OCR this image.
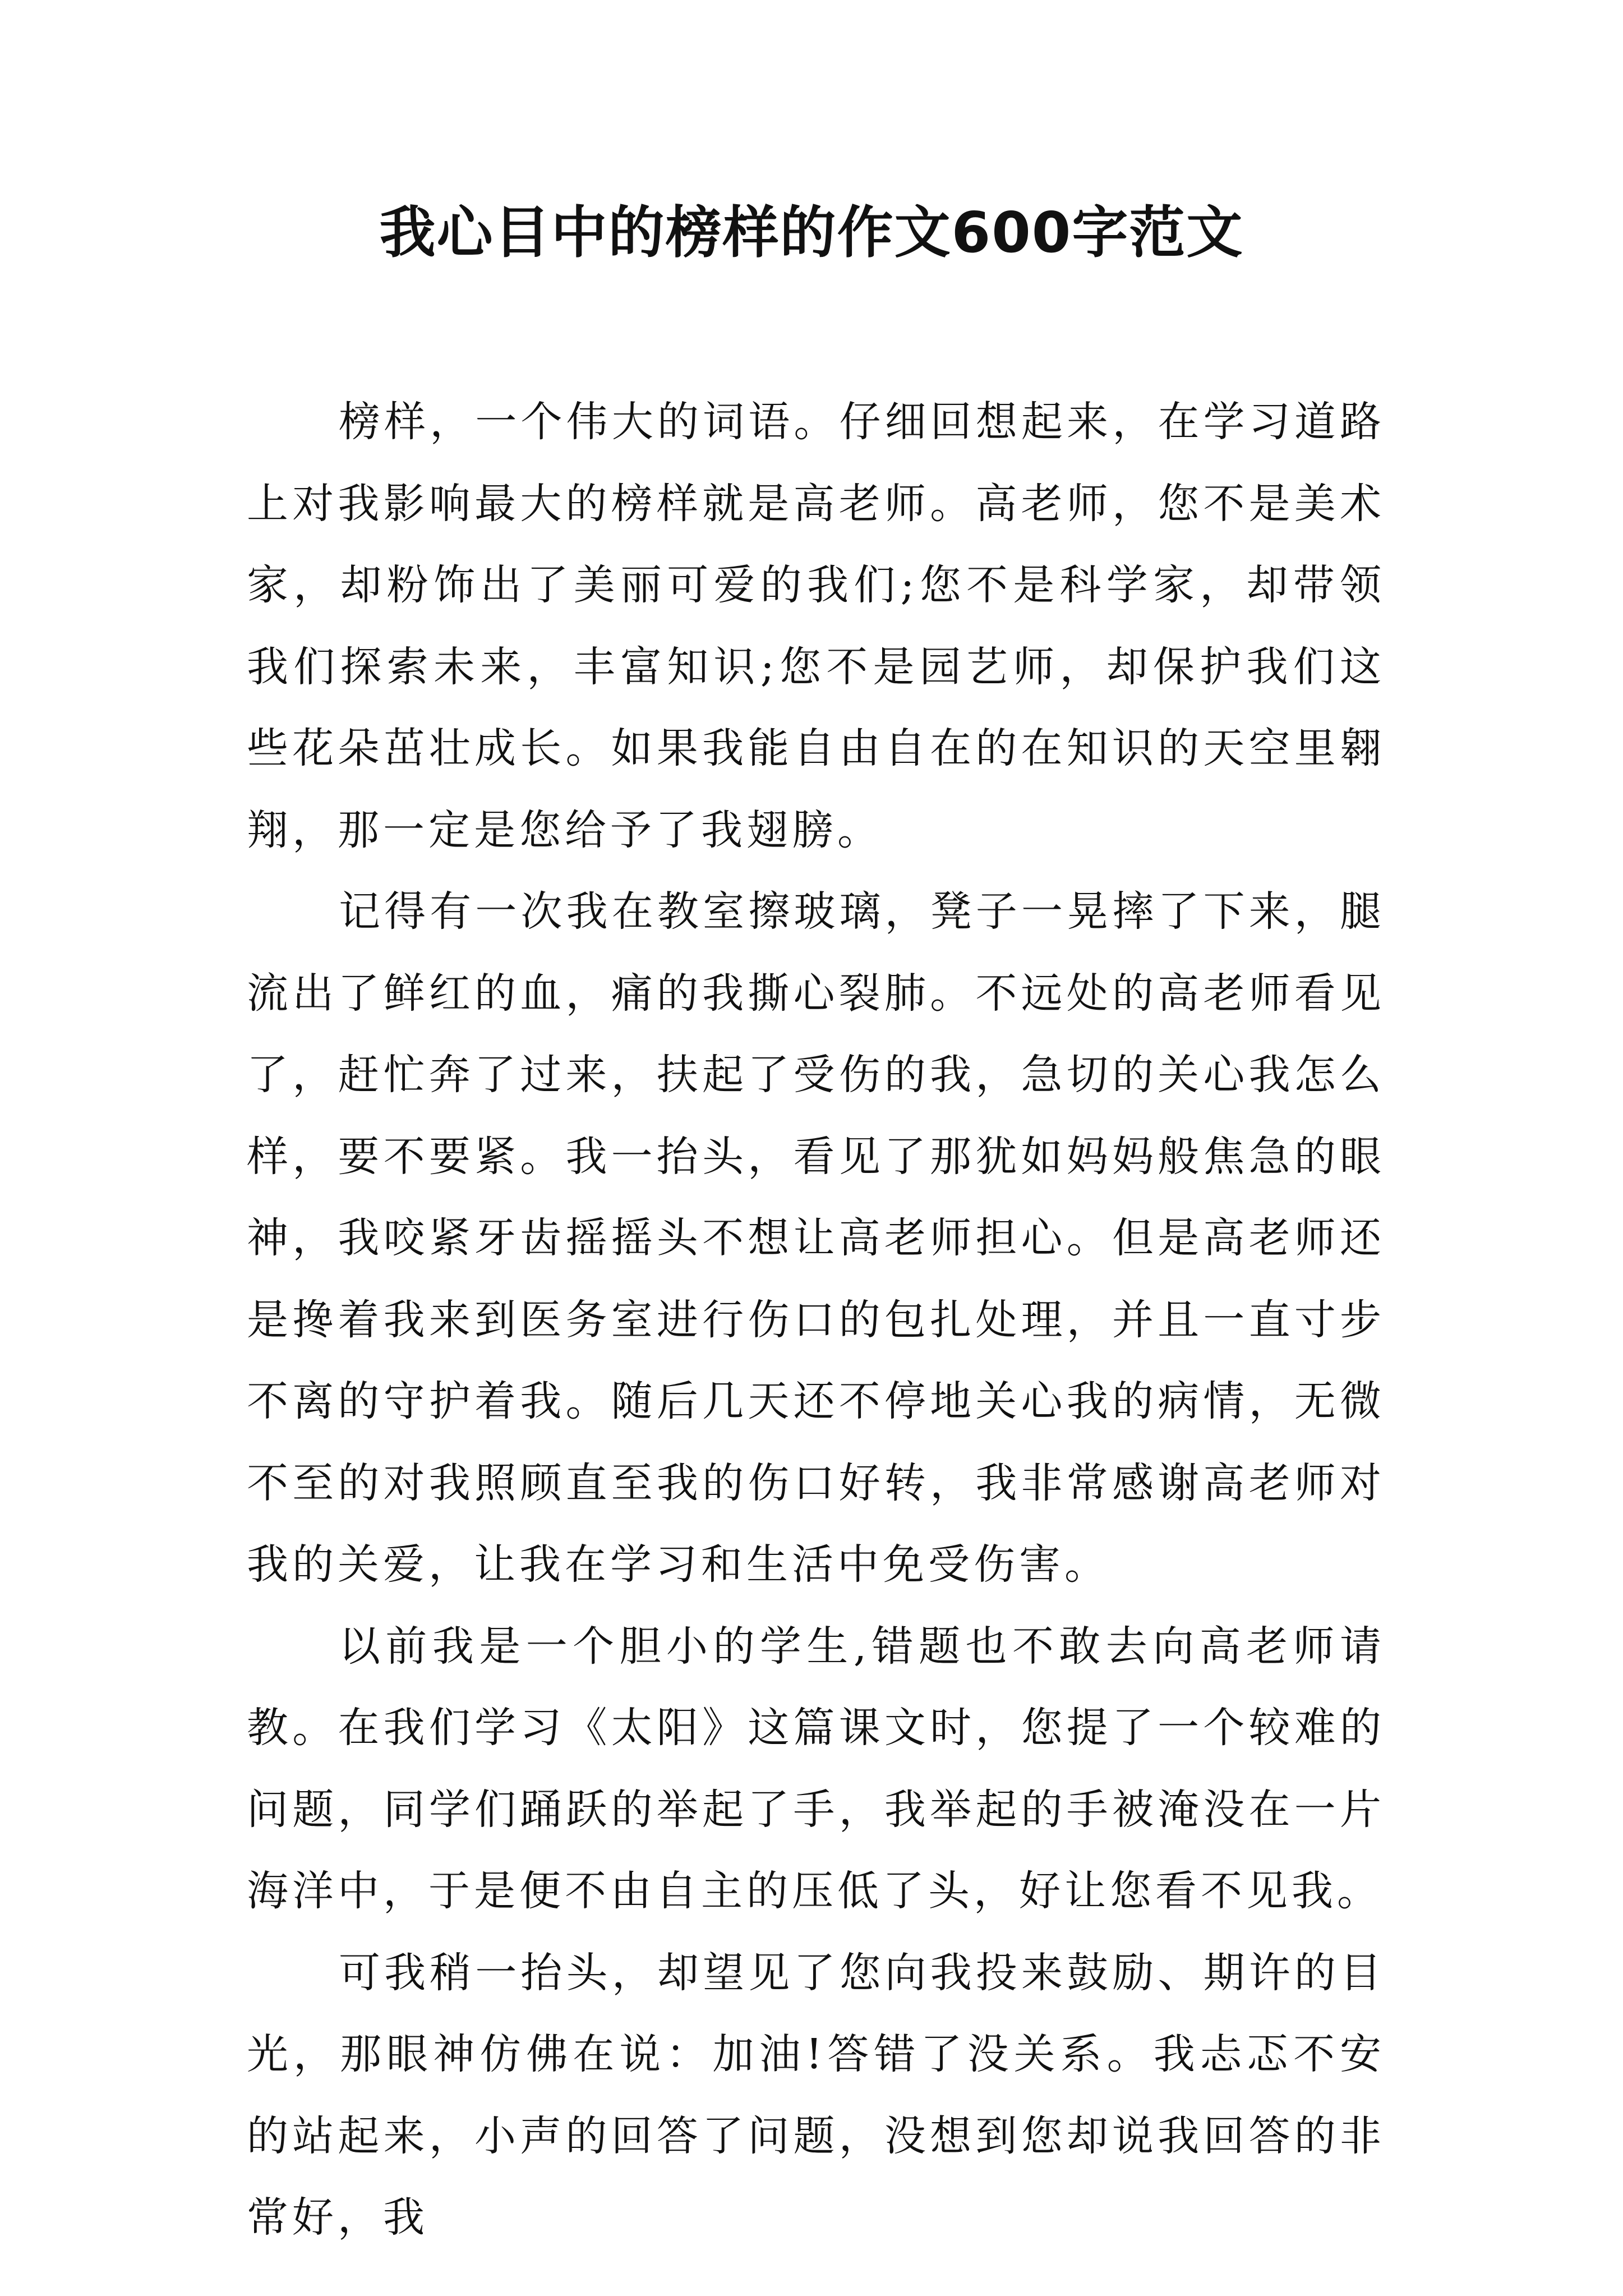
我心目中的榜样的作文600字范文

榜样，一个伟大的词语。仔细回想起来，在学习道路上对我影响最大的榜样就是高老师。高老师，您不是美术家，却粉饰出了美丽可爱的我们;您不是科学家，却带领我们探索未来，丰富知识;您不是园艺师，却保护我们这些花朵茁壮成长。如果我能自由自在的在知识的天空里翱翔，那一定是您给予了我翅膀。

记得有一次我在教室擦玻璃，凳子一晃摔了下来，腿流出了鲜红的血，痛的我撕心裂肺。不远处的高老师看见了，赶忙奔了过来，扶起了受伤的我，急切的关心我怎么样，要不要紧。我一抬头，看见了那犹如妈妈般焦急的眼神，我咬紧牙齿摇摇头不想让高老师担心。但是高老师还是搀着我来到医务室进行伤口的包扎处理，并且一直寸步不离的守护着我。随后几天还不停地关心我的病情，无微不至的对我照顾直至我的伤口好转，我非常感谢高老师对我的关爱，让我在学习和生活中免受伤害。

以前我是一个胆小的学生,错题也不敢去向高老师请教。在我们学习《太阳》这篇课文时，您提了一个较难的问题，同学们踊跃的举起了手，我举起的手被淹没在一片海洋中，于是便不由自主的压低了头，好让您看不见我。

可我稍一抬头，却望见了您向我投来鼓励、期许的目光，那眼神仿佛在说：加油!答错了没关系。我忐忑不安的站起来，小声的回答了问题，没想到您却说我回答的非常好，我
